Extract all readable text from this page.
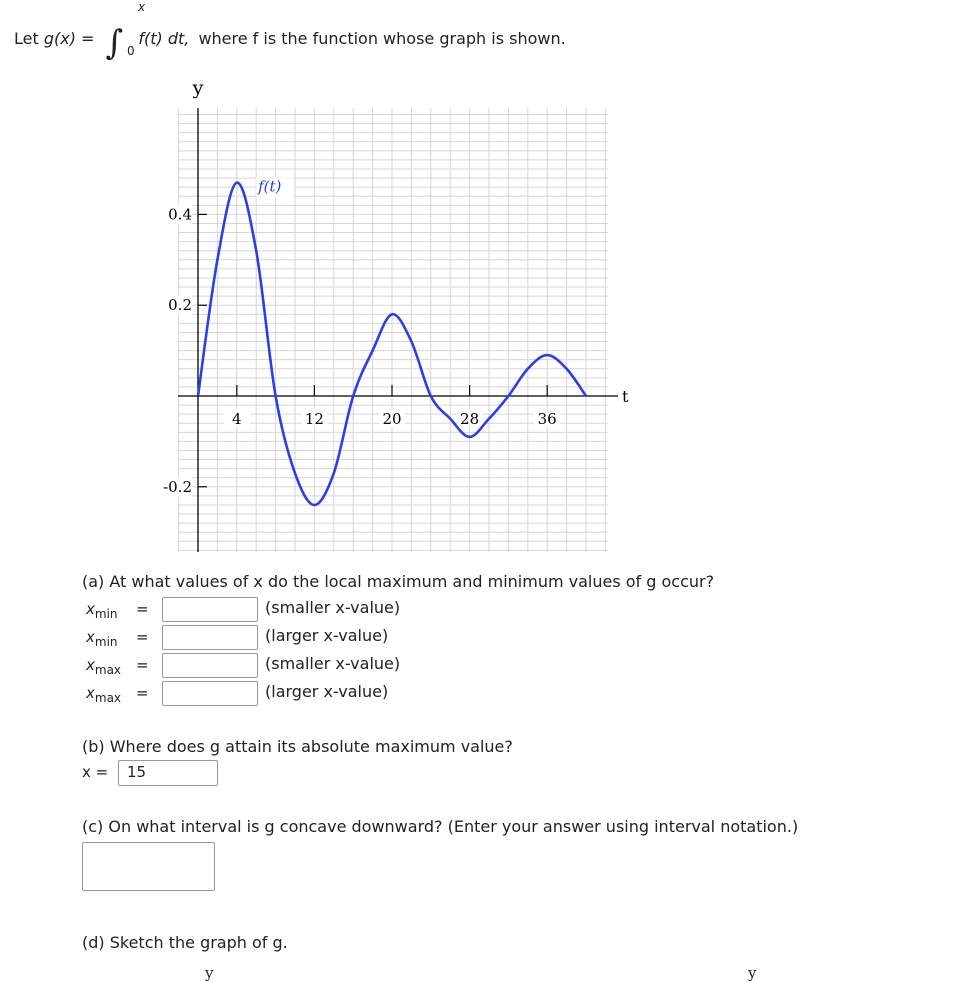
Let g(x) = ∫ f(t) dt, where f is the function whose graph is shown.
x
0
4	12	20	28	36
0.4
0.2
-0.2
y
t
f(t)
(a) At what values of x do the local maximum and minimum values of g occur?
$x_{min}$ =	(smaller x-value)
$x_{min}$ =	(larger x-value)
$x_{max}$ =	(smaller x-value)
$x_{max}$ =	(larger x-value)
(b) Where does g attain its absolute maximum value?
x =	15
(c) On what interval is g concave downward? (Enter your answer using interval notation.)
(d) Sketch the graph of g.
y	y
